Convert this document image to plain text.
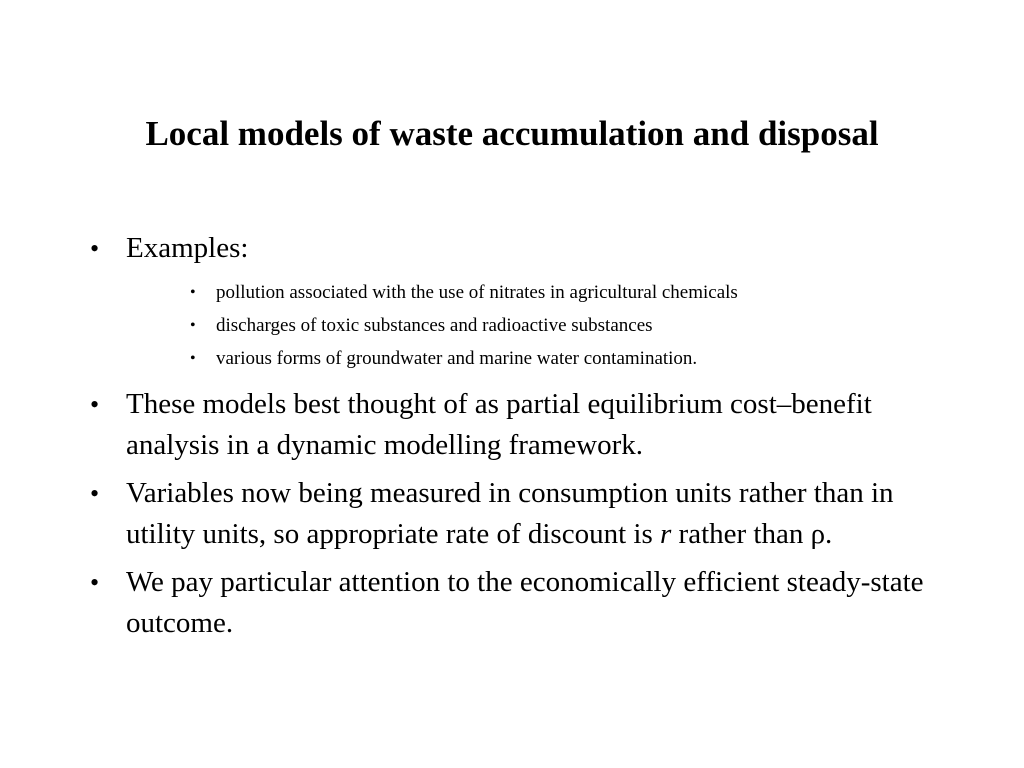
Local models of waste accumulation and disposal
• Examples:
• pollution associated with the use of nitrates in agricultural chemicals
• discharges of toxic substances and radioactive substances
• various forms of groundwater and marine water contamination.
• These models best thought of as partial equilibrium cost–benefit analysis in a dynamic modelling framework.
• Variables now being measured in consumption units rather than in utility units, so appropriate rate of discount is r rather than ρ.
• We pay particular attention to the economically efficient steady-state outcome.
